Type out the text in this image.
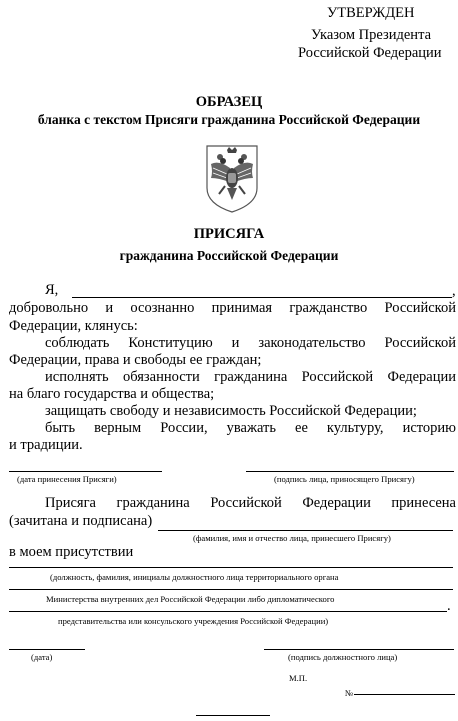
УТВЕРЖДЕН
Указом Президента
Российской Федерации
ОБРАЗЕЦ
бланка с текстом Присяги гражданина Российской Федерации
ПРИСЯГА
гражданина Российской Федерации
Я,	,
добровольно и осознанно принимая гражданство Российской
Федерации, клянусь:
соблюдать Конституцию и законодательство Российской
Федерации, права и свободы ее граждан;
исполнять обязанности гражданина Российской Федерации
на благо государства и общества;
защищать свободу и независимость Российской Федерации;
быть верным России, уважать ее культуру, историю
и традиции.
(дата принесения Присяги)	(подпись лица, приносящего Присягу)
Присяга гражданина Российской Федерации принесена
(зачитана и подписана)
(фамилия, имя и отчество лица, принесшего Присягу)
в моем присутствии
(должность, фамилия, инициалы должностного лица территориального органа
Министерства внутренних дел Российской Федерации либо дипломатического	.
представительства или консульского учреждения Российской Федерации)
(дата)	(подпись должностного лица)
М.П.
№
